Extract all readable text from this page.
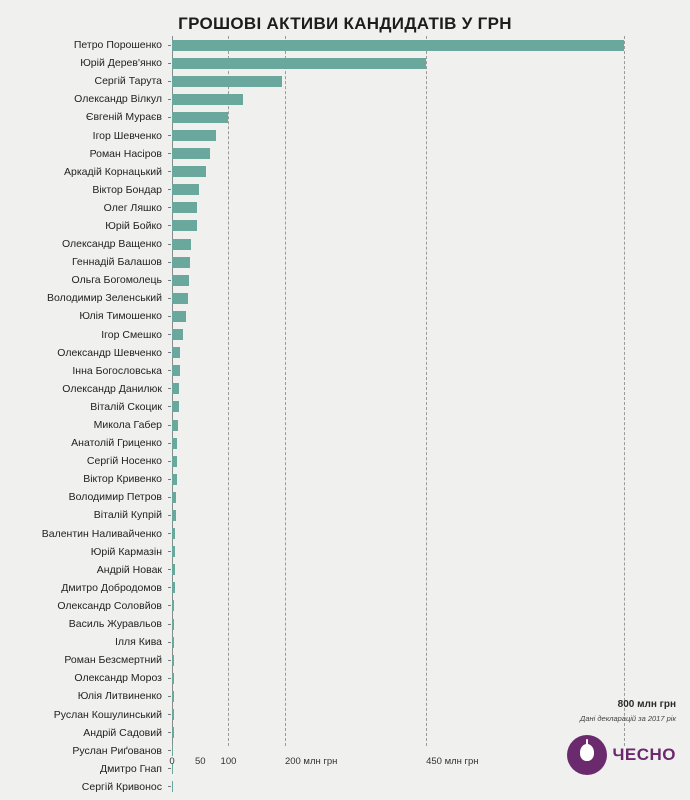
ГРОШОВІ АКТИВИ КАНДИДАТІВ У ГРН
Петро Порошенко
Юрій Дерев'янко
Сергій Тарута
Олександр Вілкул
Євгеній Мураєв
Ігор Шевченко
Роман Насіров
Аркадій Корнацький
Віктор Бондар
Олег Ляшко
Юрій Бойко
Олександр Ващенко
Геннадій Балашов
Ольга Богомолець
Володимир Зеленський
Юлія Тимошенко
Ігор Смешко
Олександр Шевченко
Інна Богословська
Олександр Данилюк
Віталій Скоцик
Микола Габер
Анатолій Гриценко
Сергій Носенко
Віктор Кривенко
Володимир Петров
Віталій Купрій
Валентин Наливайченко
Юрій Кармазін
Андрій Новак
Дмитро Добродомов
Олександр Соловйов
Василь Журавльов
Ілля Кива
Роман Безсмертний
Олександр Мороз
Юлія Литвиненко
Руслан Кошулинський
Андрій Садовий
Руслан Риґованов
Дмитро Гнап
Сергій Кривонос
0 50 100	200 млн грн	450 млн грн
800 млн грн
Дані декларацій за 2017 рік
ЧЕСНО
